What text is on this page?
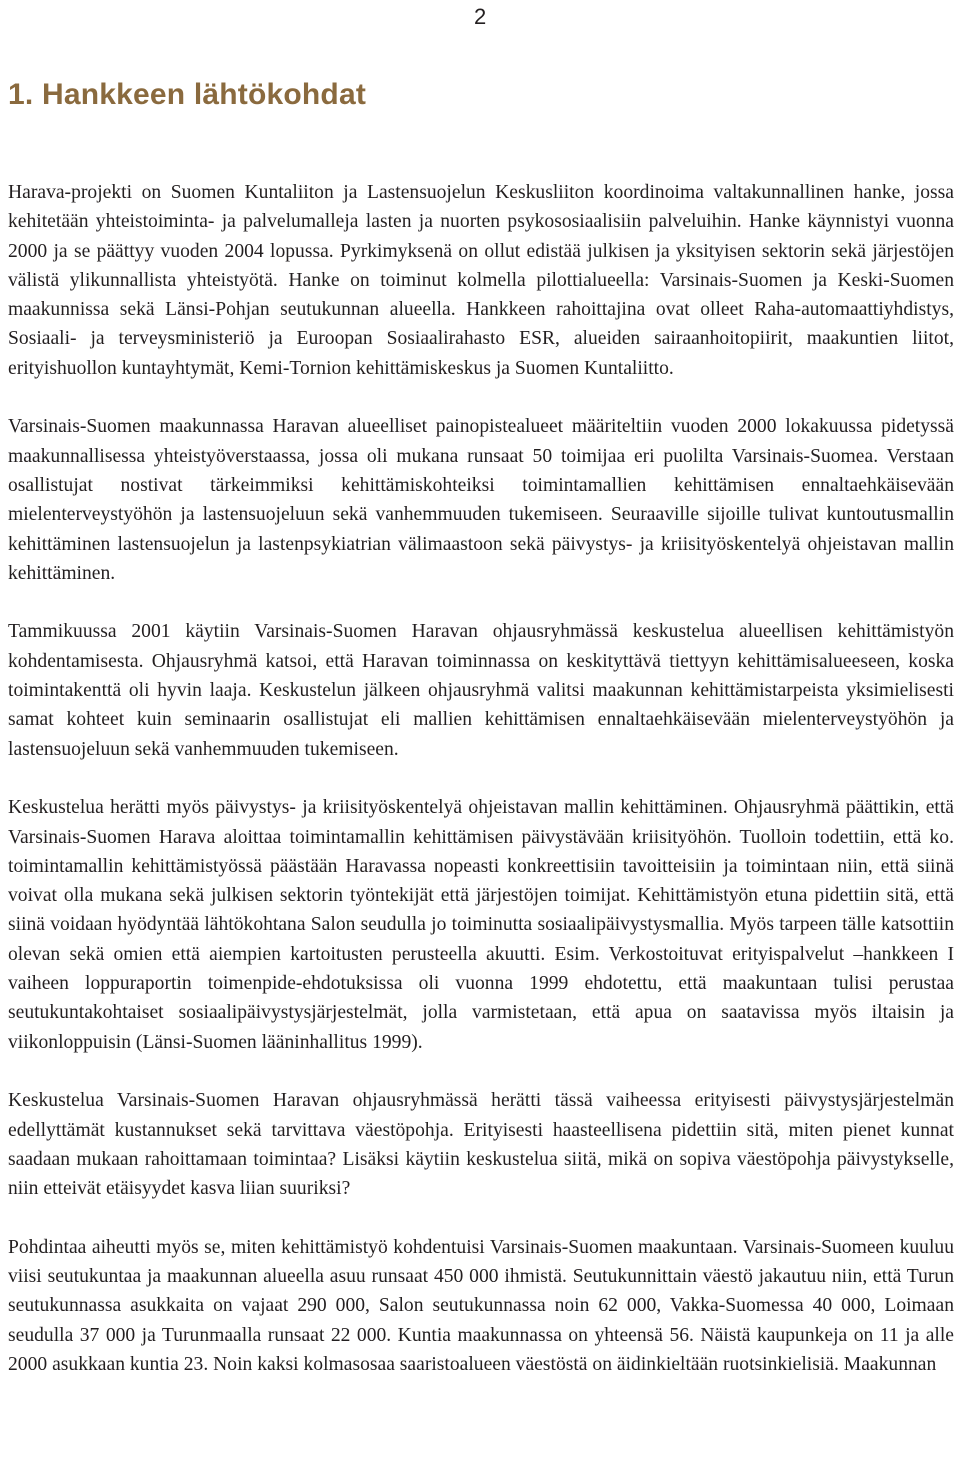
2
1. Hankkeen lähtökohdat

Harava-projekti on Suomen Kuntaliiton ja Lastensuojelun Keskusliiton koordinoima valtakunnallinen hanke, jossa kehitetään yhteistoiminta- ja palvelumalleja lasten ja nuorten psykososiaalisiin palveluihin. Hanke käynnistyi vuonna 2000 ja se päättyy vuoden 2004 lopussa. Pyrkimyksenä on ollut edistää julkisen ja yksityisen sektorin sekä järjestöjen välistä ylikunnallista yhteistyötä. Hanke on toiminut kolmella pilottialueella: Varsinais-Suomen ja Keski-Suomen maakunnissa sekä Länsi-Pohjan seutukunnan alueella. Hankkeen rahoittajina ovat olleet Raha-automaattiyhdistys, Sosiaali- ja terveysministeriö ja Euroopan Sosiaalirahasto ESR, alueiden sairaanhoitopiirit, maakuntien liitot, erityishuollon kuntayhtymät, Kemi-Tornion kehittämiskeskus ja Suomen Kuntaliitto.

Varsinais-Suomen maakunnassa Haravan alueelliset painopistealueet määriteltiin vuoden 2000 lokakuussa pidetyssä maakunnallisessa yhteistyöverstaassa, jossa oli mukana runsaat 50 toimijaa eri puolilta Varsinais-Suomea. Verstaan osallistujat nostivat tärkeimmiksi kehittämiskohteiksi toimintamallien kehittämisen ennaltaehkäisevään mielenterveystyöhön ja lastensuojeluun sekä vanhemmuuden tukemiseen. Seuraaville sijoille tulivat kuntoutusmallin kehittäminen lastensuojelun ja lastenpsykiatrian välimaastoon sekä päivystys- ja kriisityöskentelyä ohjeistavan mallin kehittäminen.

Tammikuussa 2001 käytiin Varsinais-Suomen Haravan ohjausryhmässä keskustelua alueellisen kehittämistyön kohdentamisesta. Ohjausryhmä katsoi, että Haravan toiminnassa on keskityttävä tiettyyn kehittämisalueeseen, koska toimintakenttä oli hyvin laaja. Keskustelun jälkeen ohjausryhmä valitsi maakunnan kehittämistarpeista yksimielisesti samat kohteet kuin seminaarin osallistujat eli mallien kehittämisen ennaltaehkäisevään mielenterveystyöhön ja lastensuojeluun sekä vanhemmuuden tukemiseen.

Keskustelua herätti myös päivystys- ja kriisityöskentelyä ohjeistavan mallin kehittäminen. Ohjausryhmä päättikin, että Varsinais-Suomen Harava aloittaa toimintamallin kehittämisen päivystävään kriisityöhön. Tuolloin todettiin, että ko. toimintamallin kehittämistyössä päästään Haravassa nopeasti konkreettisiin tavoitteisiin ja toimintaan niin, että siinä voivat olla mukana sekä julkisen sektorin työntekijät että järjestöjen toimijat. Kehittämistyön etuna pidettiin sitä, että siinä voidaan hyödyntää lähtökohtana Salon seudulla jo toiminutta sosiaalipäivystysmallia. Myös tarpeen tälle katsottiin olevan sekä omien että aiempien kartoitusten perusteella akuutti. Esim. Verkostoituvat erityispalvelut –hankkeen I vaiheen loppuraportin toimenpide-ehdotuksissa oli vuonna 1999 ehdotettu, että maakuntaan tulisi perustaa seutukuntakohtaiset sosiaalipäivystysjärjestelmät, jolla varmistetaan, että apua on saatavissa myös iltaisin ja viikonloppuisin (Länsi-Suomen lääninhallitus 1999).

Keskustelua Varsinais-Suomen Haravan ohjausryhmässä herätti tässä vaiheessa erityisesti päivystysjärjestelmän edellyttämät kustannukset sekä tarvittava väestöpohja. Erityisesti haasteellisena pidettiin sitä, miten pienet kunnat saadaan mukaan rahoittamaan toimintaa? Lisäksi käytiin keskustelua siitä, mikä on sopiva väestöpohja päivystykselle, niin etteivät etäisyydet kasva liian suuriksi?

Pohdintaa aiheutti myös se, miten kehittämistyö kohdentuisi Varsinais-Suomen maakuntaan. Varsinais-Suomeen kuuluu viisi seutukuntaa ja maakunnan alueella asuu runsaat 450 000 ihmistä. Seutukunnittain väestö jakautuu niin, että Turun seutukunnassa asukkaita on vajaat 290 000, Salon seutukunnassa noin 62 000, Vakka-Suomessa 40 000, Loimaan seudulla 37 000 ja Turunmaalla runsaat 22 000. Kuntia maakunnassa on yhteensä 56. Näistä kaupunkeja on 11 ja alle 2000 asukkaan kuntia 23. Noin kaksi kolmasosaa saaristoalueen väestöstä on äidinkieltään ruotsinkielisiä. Maakunnan
